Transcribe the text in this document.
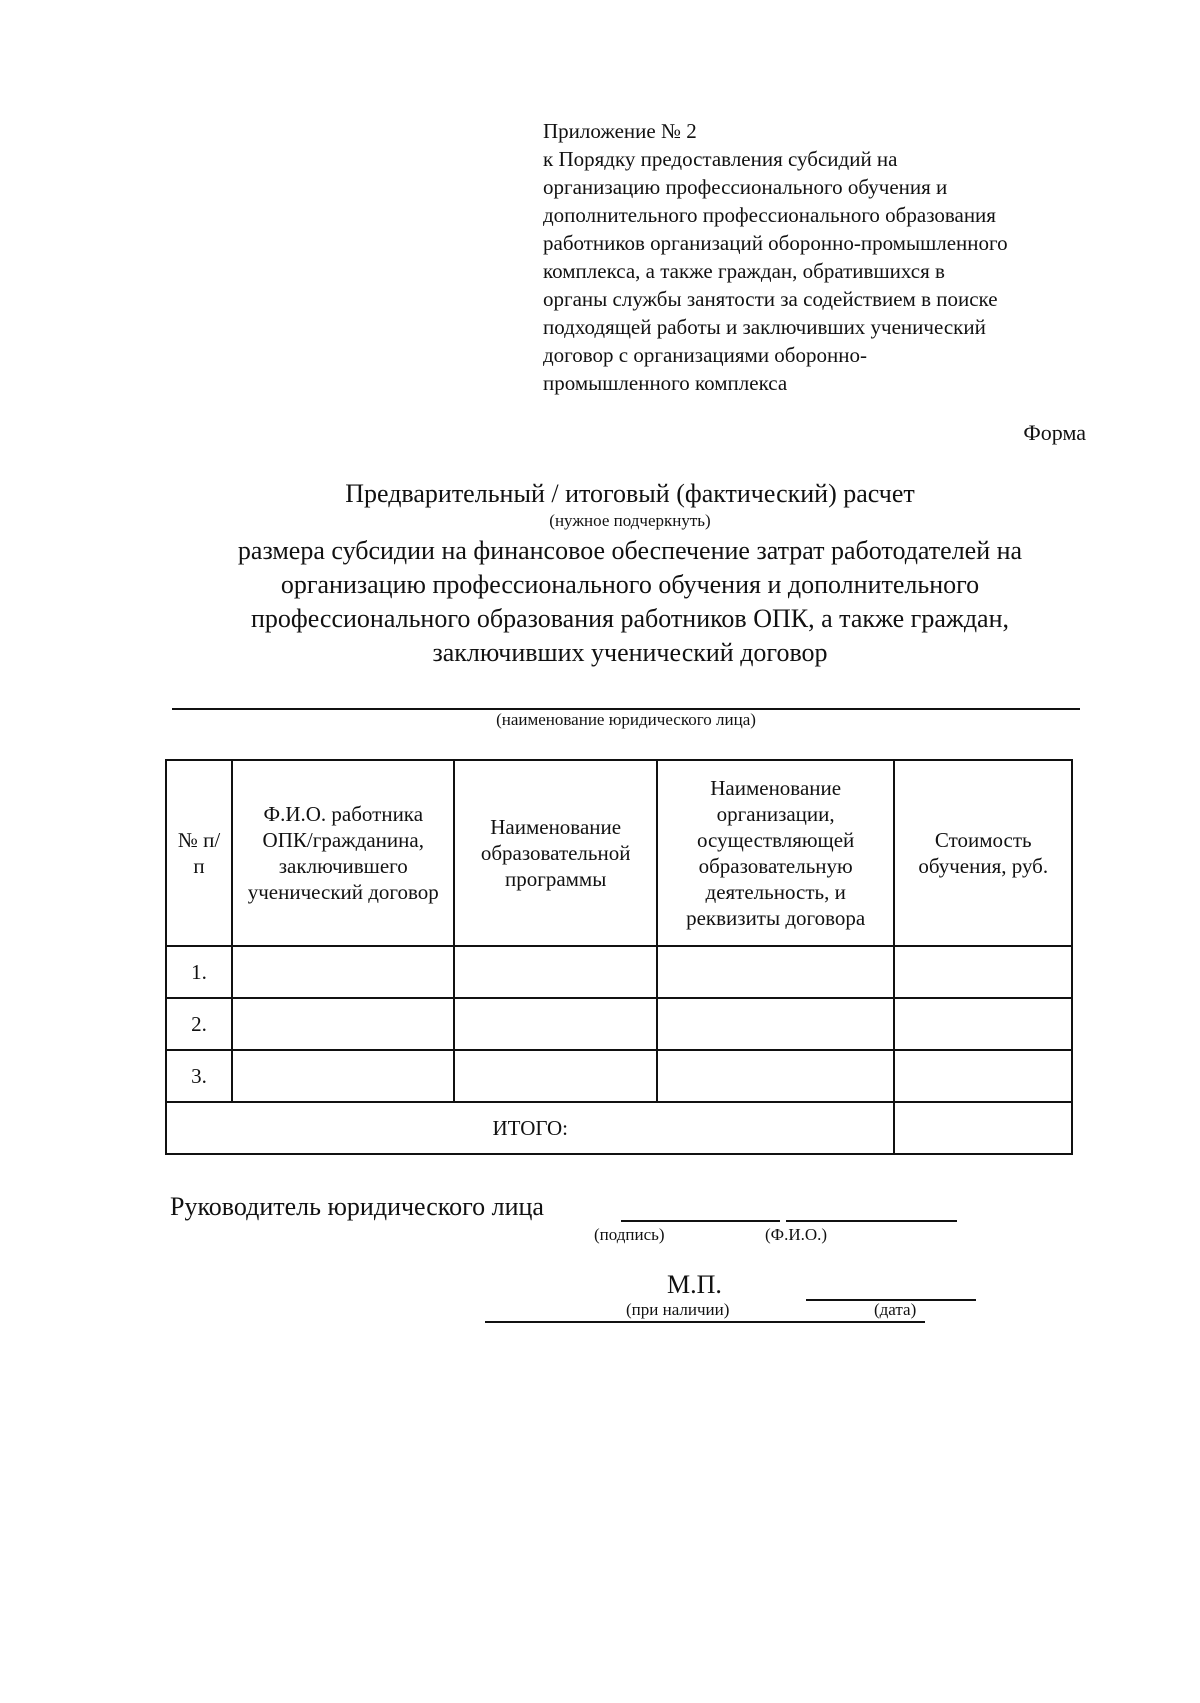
Приложение № 2
к Порядку предоставления субсидий на
организацию профессионального обучения и
дополнительного профессионального образования
работников организаций оборонно-промышленного
комплекса, а также граждан, обратившихся в
органы службы занятости за содействием в поиске
подходящей работы и заключивших ученический
договор с организациями оборонно-
промышленного комплекса
Форма
Предварительный / итоговый (фактический) расчет
(нужное подчеркнуть)
размера субсидии на финансовое обеспечение затрат работодателей на
организацию профессионального обучения и дополнительного
профессионального образования работников ОПК, а также граждан,
заключивших ученический договор
(наименование юридического лица)
№ п/п	Ф.И.О. работника ОПК/гражданина, заключившего ученический договор	Наименование образовательной программы	Наименование организации, осуществляющей образовательную деятельность, и реквизиты договора	Стоимость обучения, руб.
1.				
2.				
3.				
ИТОГО:				
Руководитель юридического лица
(подпись)	(Ф.И.О.)
М.П.
(при наличии)	(дата)
